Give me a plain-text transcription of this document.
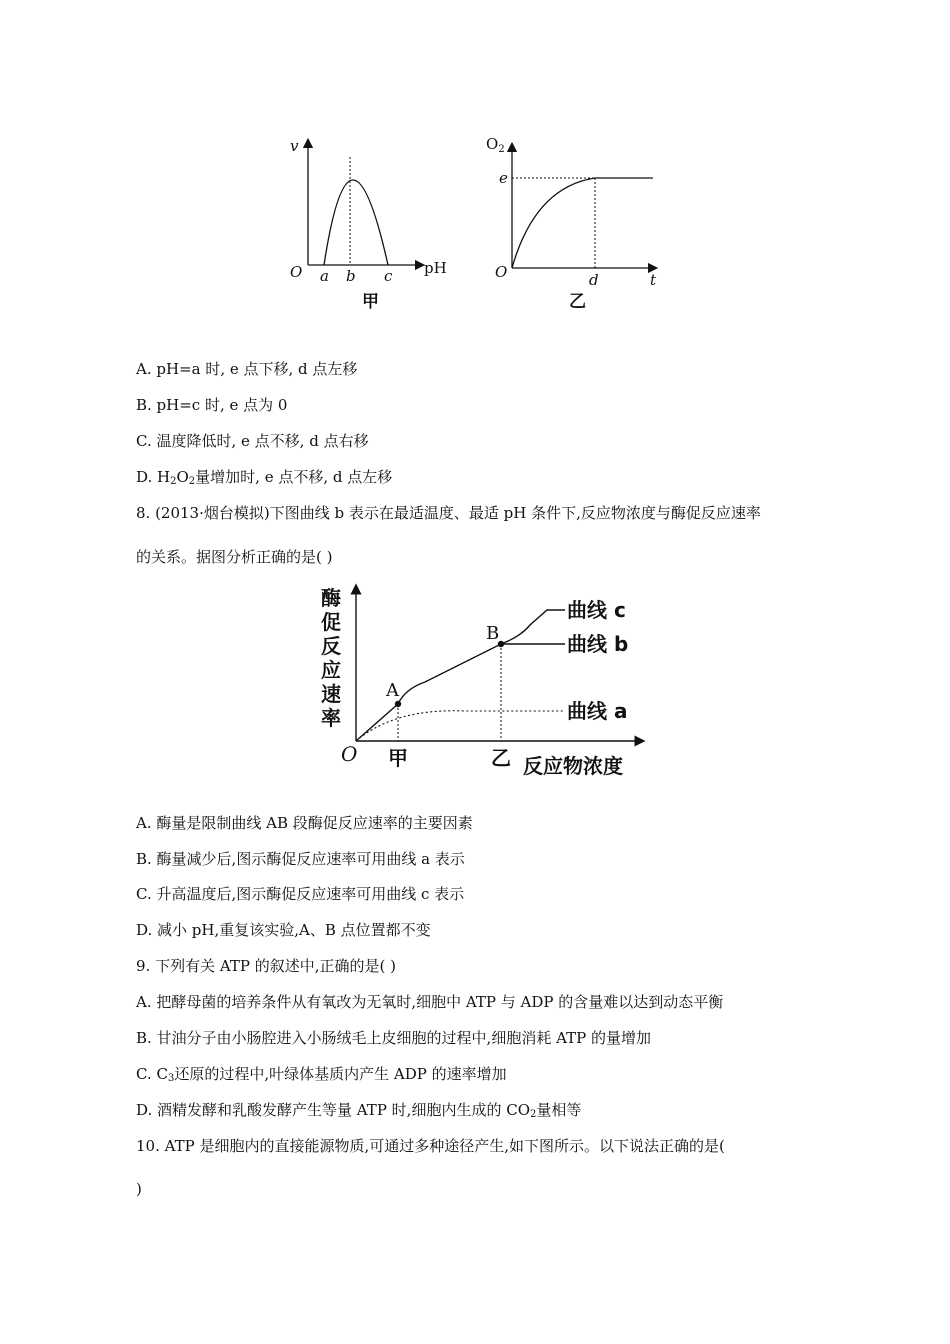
v
O a b c pH
甲
$O_2$
e
O	d	t
乙
A. pH=a 时, e 点下移, d 点左移
B. pH=c 时, e 点为 0
C. 温度降低时, e 点不移, d 点右移
D. $H_2O_2$量增加时, e 点不移, d 点左移
8. (2013·烟台模拟)下图曲线 b 表示在最适温度、最适 pH 条件下,反应物浓度与酶促反应速率
的关系。据图分析正确的是( )
酶
促
反
应
速
率
O 甲	乙 反应物浓度
A
B
曲线 c
曲线 b
曲线 a
A. 酶量是限制曲线 AB 段酶促反应速率的主要因素
B. 酶量减少后,图示酶促反应速率可用曲线 a 表示
C. 升高温度后,图示酶促反应速率可用曲线 c 表示
D. 减小 pH,重复该实验,A、B 点位置都不变
9. 下列有关 ATP 的叙述中,正确的是( )
A. 把酵母菌的培养条件从有氧改为无氧时,细胞中 ATP 与 ADP 的含量难以达到动态平衡
B. 甘油分子由小肠腔进入小肠绒毛上皮细胞的过程中,细胞消耗 ATP 的量增加
C. $C_3$还原的过程中,叶绿体基质内产生 ADP 的速率增加
D. 酒精发酵和乳酸发酵产生等量 ATP 时,细胞内生成的 $CO_2$量相等
10. ATP 是细胞内的直接能源物质,可通过多种途径产生,如下图所示。以下说法正确的是(
)
